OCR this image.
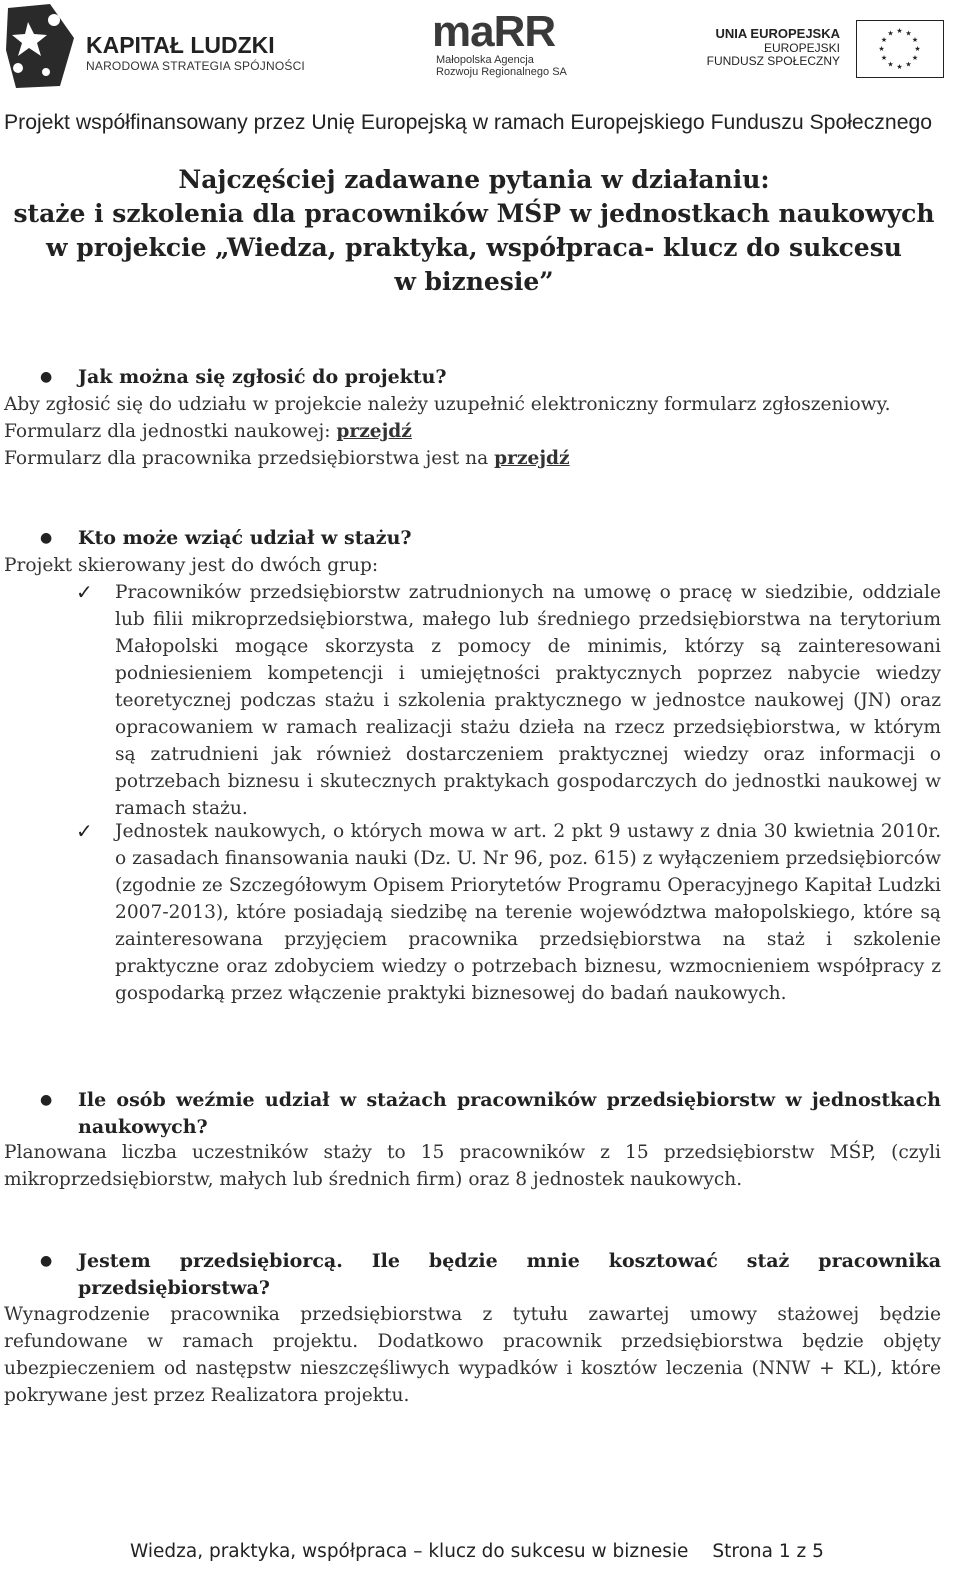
KAPITAŁ LUDZKI
NARODOWA STRATEGIA SPÓJNOŚCI
maRR
Małopolska Agencja
Rozwoju Regionalnego SA
UNIA EUROPEJSKA
EUROPEJSKI
FUNDUSZ SPOŁECZNY
★ ★
★
★
★
★
★
★
★
★
★
★
Projekt współfinansowany przez Unię Europejską w ramach Europejskiego Funduszu Społecznego
Najczęściej zadawane pytania w działaniu:
staże i szkolenia dla pracowników MŚP w jednostkach naukowych
w projekcie „Wiedza, praktyka, współpraca- klucz do sukcesu
w biznesie”
● Jak można się zgłosić do projektu?
Aby zgłosić się do udziału w projekcie należy uzupełnić elektroniczny formularz zgłoszeniowy.
Formularz dla jednostki naukowej: przejdź
Formularz dla pracownika przedsiębiorstwa jest na przejdź
● Kto może wziąć udział w stażu?
Projekt skierowany jest do dwóch grup:
✓ Pracowników przedsiębiorstw zatrudnionych na umowę o pracę w siedzibie, oddziale lub filii mikroprzedsiębiorstwa, małego lub średniego przedsiębiorstwa na terytorium Małopolski mogące skorzysta z pomocy de minimis, którzy są zainteresowani podniesieniem kompetencji i umiejętności praktycznych poprzez nabycie wiedzy teoretycznej podczas stażu i szkolenia praktycznego w jednostce naukowej (JN) oraz opracowaniem w ramach realizacji stażu dzieła na rzecz przedsiębiorstwa, w którym są zatrudnieni jak również dostarczeniem praktycznej wiedzy oraz informacji o potrzebach biznesu i skutecznych praktykach gospodarczych do jednostki naukowej w ramach stażu.
✓ Jednostek naukowych, o których mowa w art. 2 pkt 9 ustawy z dnia 30 kwietnia 2010r. o zasadach finansowania nauki (Dz. U. Nr 96, poz. 615) z wyłączeniem przedsiębiorców (zgodnie ze Szczegółowym Opisem Priorytetów Programu Operacyjnego Kapitał Ludzki 2007-2013), które posiadają siedzibę na terenie województwa małopolskiego, które są zainteresowana przyjęciem pracownika przedsiębiorstwa na staż i szkolenie praktyczne oraz zdobyciem wiedzy o potrzebach biznesu, wzmocnieniem współpracy z gospodarką przez włączenie praktyki biznesowej do badań naukowych.
● Ile osób weźmie udział w stażach pracowników przedsiębiorstw w jednostkach naukowych?
Planowana liczba uczestników staży to 15 pracowników z 15 przedsiębiorstw MŚP, (czyli mikroprzedsiębiorstw, małych lub średnich firm) oraz 8 jednostek naukowych.
● Jestem przedsiębiorcą. Ile będzie mnie kosztować staż pracownika przedsiębiorstwa?
Wynagrodzenie pracownika przedsiębiorstwa z tytułu zawartej umowy stażowej będzie refundowane w ramach projektu. Dodatkowo pracownik przedsiębiorstwa będzie objęty ubezpieczeniem od następstw nieszczęśliwych wypadków i kosztów leczenia (NNW + KL), które pokrywane jest przez Realizatora projektu.
Wiedza, praktyka, współpraca – klucz do sukcesu w biznesie Strona 1 z 5
